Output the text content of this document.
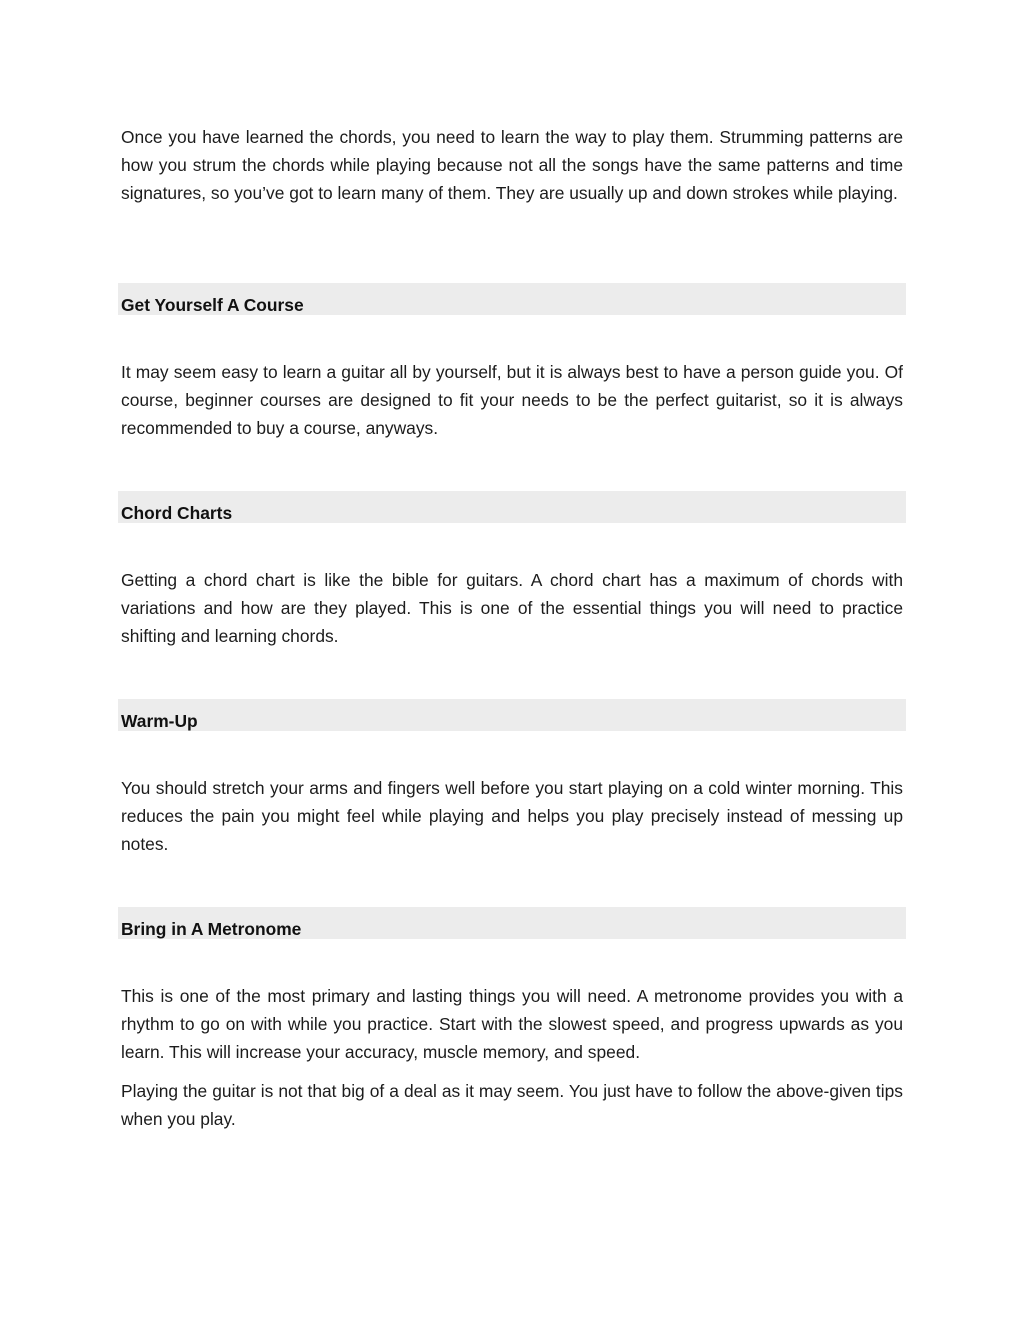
Once you have learned the chords, you need to learn the way to play them. Strumming patterns are how you strum the chords while playing because not all the songs have the same patterns and time signatures, so you’ve got to learn many of them. They are usually up and down strokes while playing.

Get Yourself A Course

It may seem easy to learn a guitar all by yourself, but it is always best to have a person guide you. Of course, beginner courses are designed to fit your needs to be the perfect guitarist, so it is always recommended to buy a course, anyways.

Chord Charts

Getting a chord chart is like the bible for guitars. A chord chart has a maximum of chords with variations and how are they played. This is one of the essential things you will need to practice shifting and learning chords.

Warm-Up

You should stretch your arms and fingers well before you start playing on a cold winter morning. This reduces the pain you might feel while playing and helps you play precisely instead of messing up notes.

Bring in A Metronome

This is one of the most primary and lasting things you will need. A metronome provides you with a rhythm to go on with while you practice. Start with the slowest speed, and progress upwards as you learn. This will increase your accuracy, muscle memory, and speed.

Playing the guitar is not that big of a deal as it may seem. You just have to follow the above-given tips when you play.
